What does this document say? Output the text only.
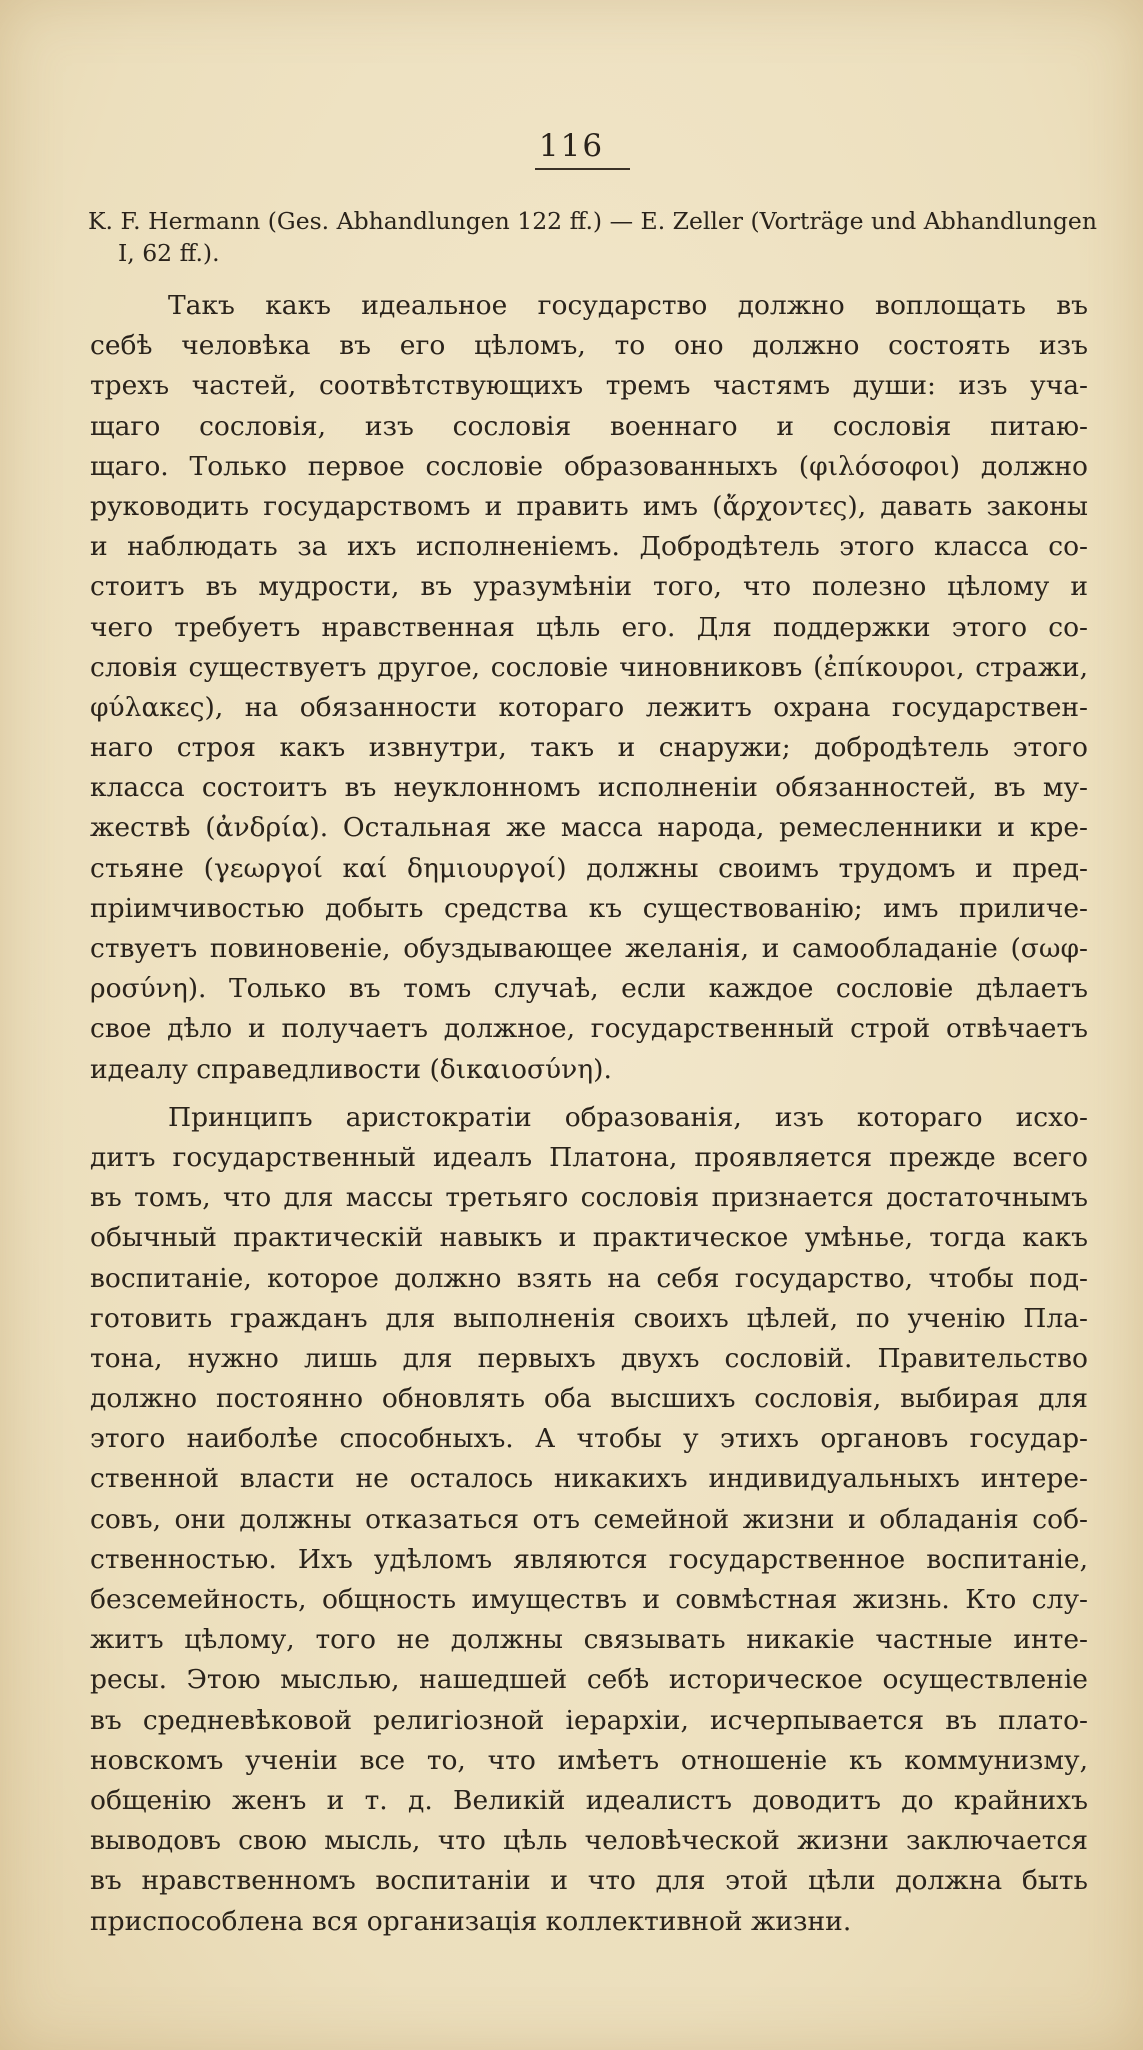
116
K. F. Hermann (Ges. Abhandlungen 122 ff.) — E. Zeller (Vorträge und Abhandlungen
I, 62 ff.).
Такъ какъ идеальное государство должно воплощать въ
себѣ человѣка въ его цѣломъ, то оно должно состоять изъ
трехъ частей, соотвѣтствующихъ тремъ частямъ души: изъ уча-
щаго сословія, изъ сословія военнаго и сословія питаю-
щаго. Только первое сословіе образованныхъ (φιλόσοφοι) должно
руководить государствомъ и править имъ (ἄρχοντες), давать законы
и наблюдать за ихъ исполненіемъ. Добродѣтель этого класса со-
стоитъ въ мудрости, въ уразумѣніи того, что полезно цѣлому и
чего требуетъ нравственная цѣль его. Для поддержки этого со-
словія существуетъ другое, сословіе чиновниковъ (ἐπίκουροι, стражи,
φύλακες), на обязанности котораго лежитъ охрана государствен-
наго строя какъ извнутри, такъ и снаружи; добродѣтель этого
класса состоитъ въ неуклонномъ исполненіи обязанностей, въ му-
жествѣ (ἀνδρία). Остальная же масса народа, ремесленники и кре-
стьяне (γεωργοί καί δημιουργοί) должны своимъ трудомъ и пред-
пріимчивостью добыть средства къ существованію; имъ приличе-
ствуетъ повиновеніе, обуздывающее желанія, и самообладаніе (σωφ-
ροσύνη). Только въ томъ случаѣ, если каждое сословіе дѣлаетъ
свое дѣло и получаетъ должное, государственный строй отвѣчаетъ
идеалу справедливости (δικαιοσύνη).
Принципъ аристократіи образованія, изъ котораго исхо-
дитъ государственный идеалъ Платона, проявляется прежде всего
въ томъ, что для массы третьяго сословія признается достаточнымъ
обычный практическій навыкъ и практическое умѣнье, тогда какъ
воспитаніе, которое должно взять на себя государство, чтобы под-
готовить гражданъ для выполненія своихъ цѣлей, по ученію Пла-
тона, нужно лишь для первыхъ двухъ сословій. Правительство
должно постоянно обновлять оба высшихъ сословія, выбирая для
этого наиболѣе способныхъ. А чтобы у этихъ органовъ государ-
ственной власти не осталось никакихъ индивидуальныхъ интере-
совъ, они должны отказаться отъ семейной жизни и обладанія соб-
ственностью. Ихъ удѣломъ являются государственное воспитаніе,
безсемейность, общность имуществъ и совмѣстная жизнь. Кто слу-
житъ цѣлому, того не должны связывать никакіе частные инте-
ресы. Этою мыслью, нашедшей себѣ историческое осуществленіе
въ средневѣковой религіозной іерархіи, исчерпывается въ плато-
новскомъ ученіи все то, что имѣетъ отношеніе къ коммунизму,
общенію женъ и т. д. Великій идеалистъ доводитъ до крайнихъ
выводовъ свою мысль, что цѣль человѣческой жизни заключается
въ нравственномъ воспитаніи и что для этой цѣли должна быть
приспособлена вся организація коллективной жизни.
